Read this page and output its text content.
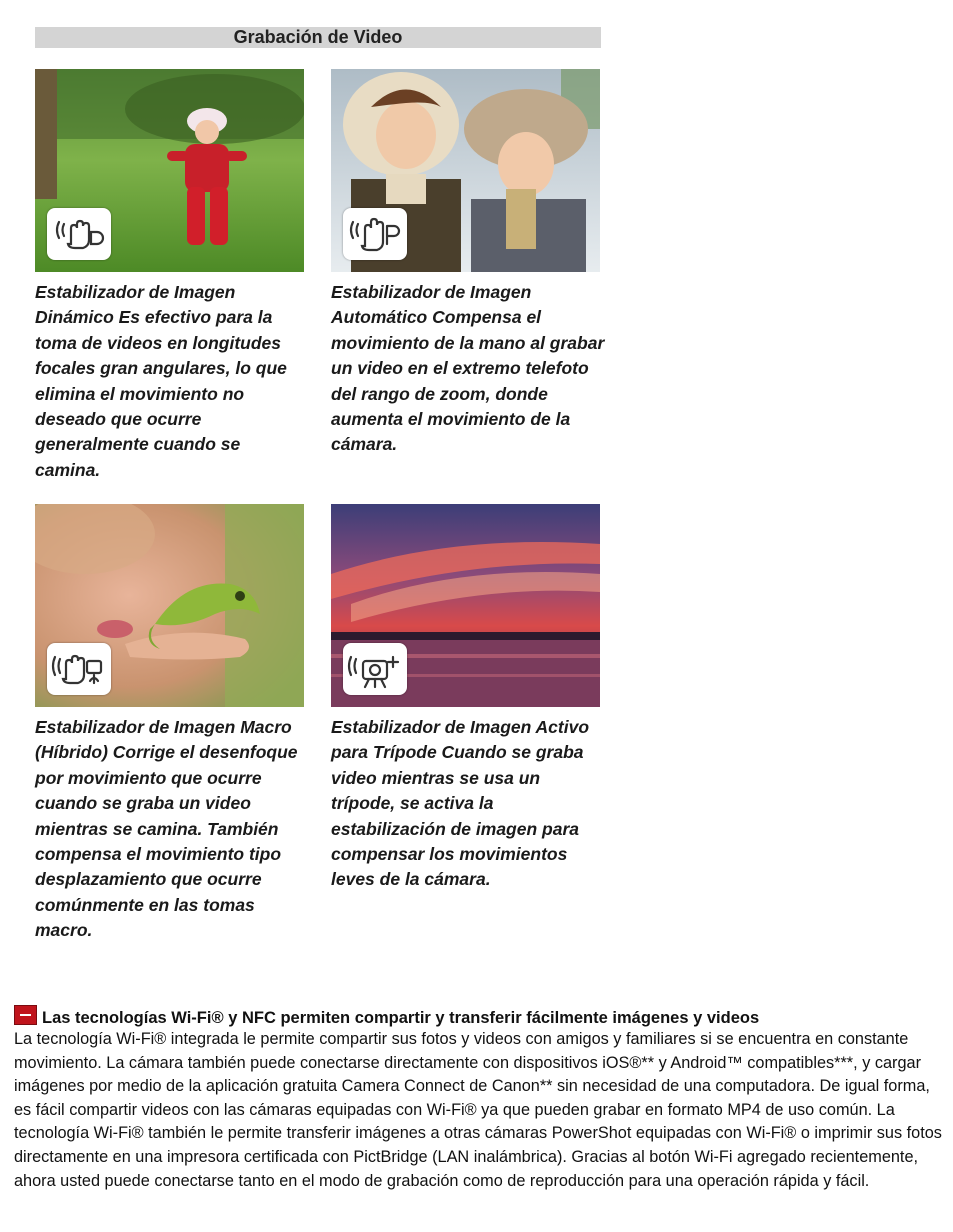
Grabación de Video
Estabilizador de Imagen Dinámico Es efectivo para la toma de videos en longitudes focales gran angulares, lo que elimina el movimiento no deseado que ocurre generalmente cuando se camina.
Estabilizador de Imagen Automático Compensa el movimiento de la mano al grabar un video en el extremo telefoto del rango de zoom, donde aumenta el movimiento de la cámara.
Estabilizador de Imagen Macro (Híbrido) Corrige el desenfoque por movimiento que ocurre cuando se graba un video mientras se camina. También compensa el movimiento tipo desplazamiento que ocurre comúnmente en las tomas macro.
Estabilizador de Imagen Activo para Trípode Cuando se graba video mientras se usa un trípode, se activa la estabilización de imagen para compensar los movimientos leves de la cámara.
Las tecnologías Wi-Fi® y NFC permiten compartir y transferir fácilmente imágenes y videos
La tecnología Wi-Fi® integrada le permite compartir sus fotos y videos con amigos y familiares si se encuentra en constante movimiento. La cámara también puede conectarse directamente con dispositivos iOS®** y Android™ compatibles***, y cargar imágenes por medio de la aplicación gratuita Camera Connect de Canon** sin necesidad de una computadora. De igual forma, es fácil compartir videos con las cámaras equipadas con Wi-Fi® ya que pueden grabar en formato MP4 de uso común. La tecnología Wi-Fi® también le permite transferir imágenes a otras cámaras PowerShot equipadas con Wi-Fi® o imprimir sus fotos directamente en una impresora certificada con PictBridge (LAN inalámbrica). Gracias al botón Wi-Fi agregado recientemente, ahora usted puede conectarse tanto en el modo de grabación como de reproducción para una operación rápida y fácil.
